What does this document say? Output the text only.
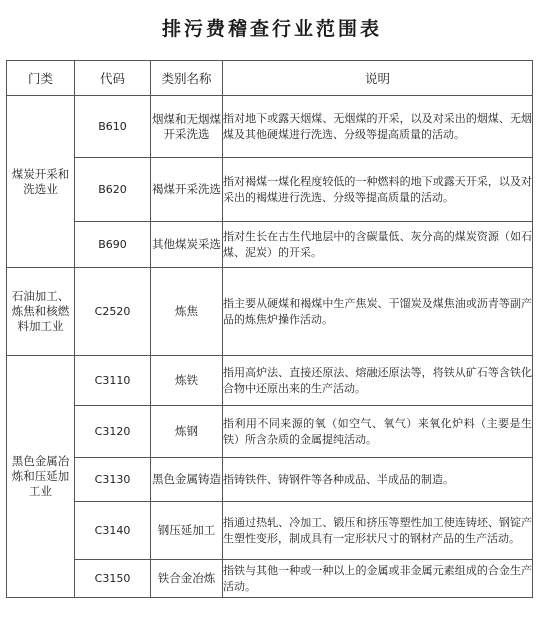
排污费稽查行业范围表
门类	代码	类别名称	说明
煤炭开采和洗选业	B610	烟煤和无烟煤开采洗选	指对地下或露天烟煤、无烟煤的开采，以及对采出的烟煤、无烟煤及其他硬煤进行洗选、分级等提高质量的活动。
	B620	褐煤开采洗选	指对褐煤一煤化程度较低的一种燃料的地下或露天开采，以及对采出的褐煤进行洗选、分级等提高质量的活动。
	B690	其他煤炭采选	指对生长在古生代地层中的含碳量低、灰分高的煤炭资源（如石煤、泥炭）的开采。
石油加工、炼焦和核燃料加工业	C2520	炼焦	指主要从硬煤和褐煤中生产焦炭、干馏炭及煤焦油或沥青等副产品的炼焦炉操作活动。
黑色金属冶炼和压延加工业	C3110	炼铁	指用高炉法、直接还原法、熔融还原法等，将铁从矿石等含铁化合物中还原出来的生产活动。
	C3120	炼钢	指利用不同来源的氧（如空气、氧气）来氧化炉料（主要是生铁）所含杂质的金属提纯活动。
	C3130	黑色金属铸造	指铸铁件、铸钢件等各种成品、半成品的制造。
	C3140	钢压延加工	指通过热轧、冷加工、锻压和挤压等塑性加工使连铸坯、钢锭产生塑性变形，制成具有一定形状尺寸的钢材产品的生产活动。
	C3150	铁合金冶炼	指铁与其他一种或一种以上的金属或非金属元素组成的合金生产活动。
